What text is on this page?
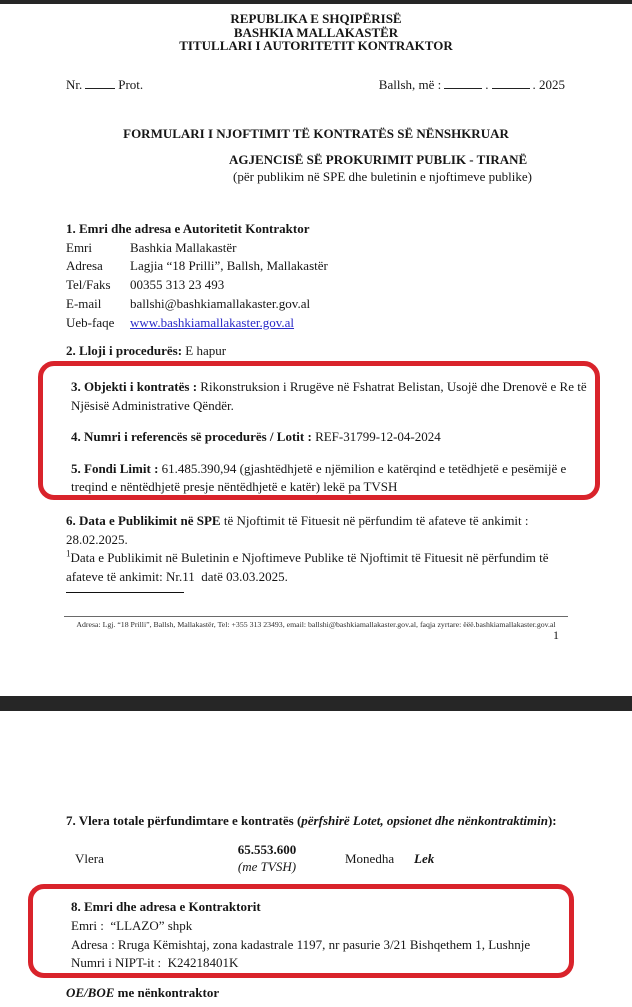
REPUBLIKA E SHQIPËRISË
BASHKIA MALLAKASTËR
TITULLARI I AUTORITETIT KONTRAKTOR
Nr.	Prot.	Ballsh, më :	.	. 2025
FORMULARI I NJOFTIMIT TË KONTRATËS SË NËNSHKRUAR
AGJENCISË SË PROKURIMIT PUBLIK - TIRANË
(për publikim në SPE dhe buletinin e njoftimeve publike)
1. Emri dhe adresa e Autoritetit Kontraktor
Emri	Bashkia Mallakastër
Adresa	Lagjia “18 Prilli”, Ballsh, Mallakastër
Tel/Faks	00355 313 23 493
E-mail	ballshi@bashkiamallakaster.gov.al
Ueb-faqe	www.bashkiamallakaster.gov.al
2. Lloji i procedurës: E hapur

3. Objekti i kontratës : Rikonstruksion i Rrugëve në Fshatrat Belistan, Usojë dhe Drenovë e Re të Njësisë Administrative Qëndër.

4. Numri i referencës së procedurës / Lotit : REF-31799-12-04-2024

5. Fondi Limit : 61.485.390,94 (gjashtëdhjetë e njëmilion e katërqind e tetëdhjetë e pesëmijë e treqind e nëntëdhjetë presje nëntëdhjetë e katër) lekë pa TVSH

6. Data e Publikimit në SPE të Njoftimit të Fituesit në përfundim të afateve të ankimit : 28.02.2025.

$^1$Data e Publikimit në Buletinin e Njoftimeve Publike të Njoftimit të Fituesit në përfundim të afateve të ankimit: Nr.11  datë 03.03.2025.

Adresa: Lgj. “18 Prilli”, Ballsh, Mallakastër, Tel: +355 313 23493, email: ballshi@bashkiamallakaster.gov.al, faqja zyrtare: ëëë.bashkiamallakaster.gov.al
1
7. Vlera totale përfundimtare e kontratës (përfshirë Lotet, opsionet dhe nënkontraktimin):
Vlera
65.553.600
(me TVSH)
Monedha Lek
8. Emri dhe adresa e Kontraktorit
Emri :  “LLAZO” shpk
Adresa : Rruga Këmishtaj, zona kadastrale 1197, nr pasurie 3/21 Bishqethem 1, Lushnje
Numri i NIPT-it :  K24218401K
OE/BOE me nënkontraktor
